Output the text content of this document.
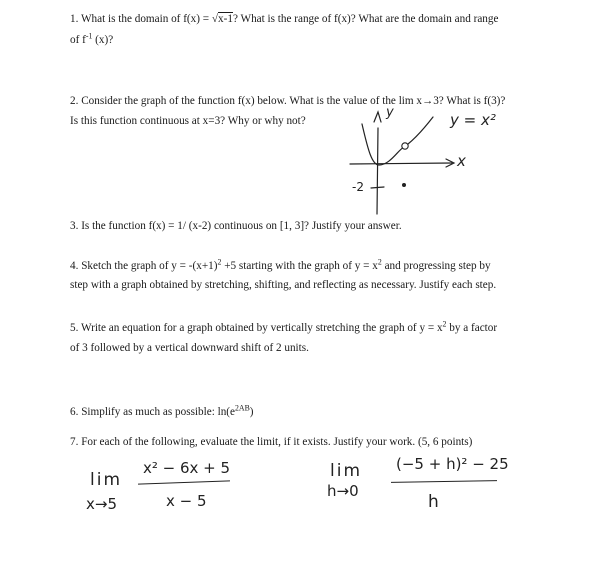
1. What is the domain of f(x) = √x-1? What is the range of f(x)? What are the domain and range
of $f^{-1}$ (x)?
2. Consider the graph of the function f(x) below. What is the value of the lim x→3? What is f(3)?
Is this function continuous at x=3? Why or why not?
y	y = x²
x
-2
3. Is the function f(x) = 1/ (x-2) continuous on [1, 3]? Justify your answer.
4. Sketch the graph of $y = -(x+1)^2 +5$ starting with the graph of $y = x^2$ and progressing step by
step with a graph obtained by stretching, shifting, and reflecting as necessary. Justify each step.
5. Write an equation for a graph obtained by vertically stretching the graph of $y = x^2$ by a factor
of 3 followed by a vertical downward shift of 2 units.
6. Simplify as much as possible: $\ln(e^{2AB})$
7. For each of the following, evaluate the limit, if it exists. Justify your work. (5, 6 points)
lim
x→5
x² − 6x + 5
x − 5
lim
h→0
(−5 + h)² − 25
h
